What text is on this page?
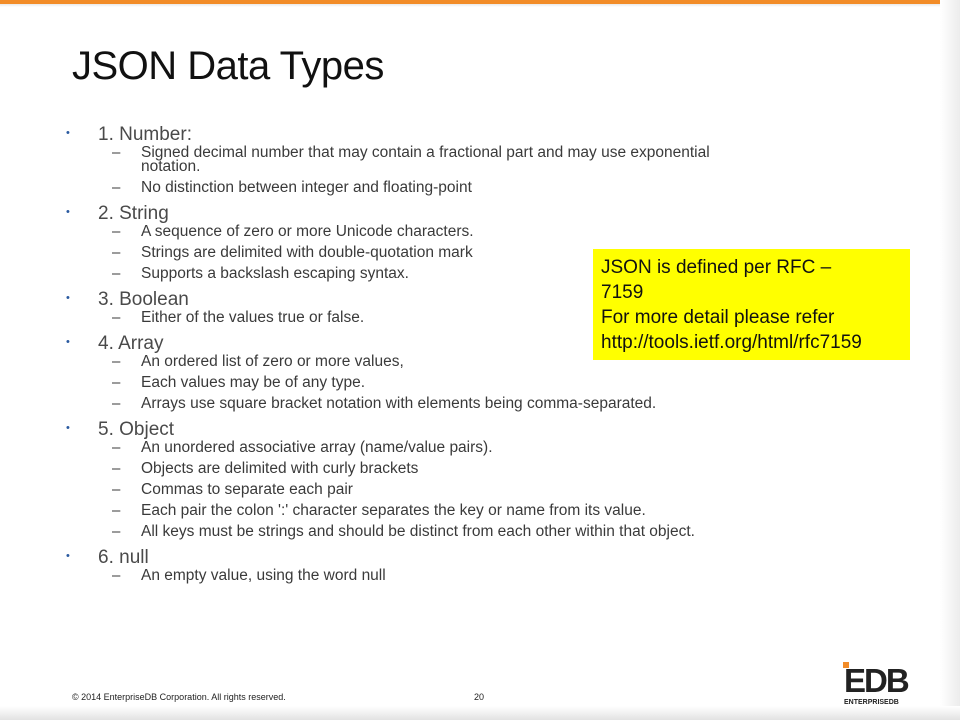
JSON Data Types
• 1. Number:
– Signed decimal number that may contain a fractional part and may use exponential
notation.
– No distinction between integer and floating-point
• 2. String
– A sequence of zero or more Unicode characters.
– Strings are delimited with double-quotation mark
– Supports a backslash escaping syntax.
• 3. Boolean
– Either of the values true or false.
• 4. Array
– An ordered list of zero or more values,
– Each values may be of any type.
– Arrays use square bracket notation with elements being comma-separated.
• 5. Object
– An unordered associative array (name/value pairs).
– Objects are delimited with curly brackets
– Commas to separate each pair
– Each pair the colon ':' character separates the key or name from its value.
– All keys must be strings and should be distinct from each other within that object.
• 6. null
– An empty value, using the word null
JSON is defined per RFC –
7159
For more detail please refer
http://tools.ietf.org/html/rfc7159
© 2014 EnterpriseDB Corporation. All rights reserved.	20	EDB
ENTERPRISEDB
